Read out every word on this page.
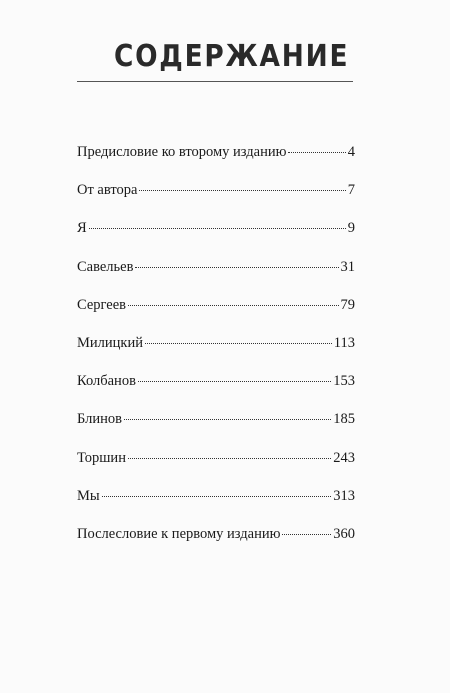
СОДЕРЖАНИЕ
Предисловие ко второму изданию	4
От автора	7
Я	9
Савельев	31
Сергеев	79
Милицкий	113
Колбанов	153
Блинов	185
Торшин	243
Мы	313
Послесловие к первому изданию	360
